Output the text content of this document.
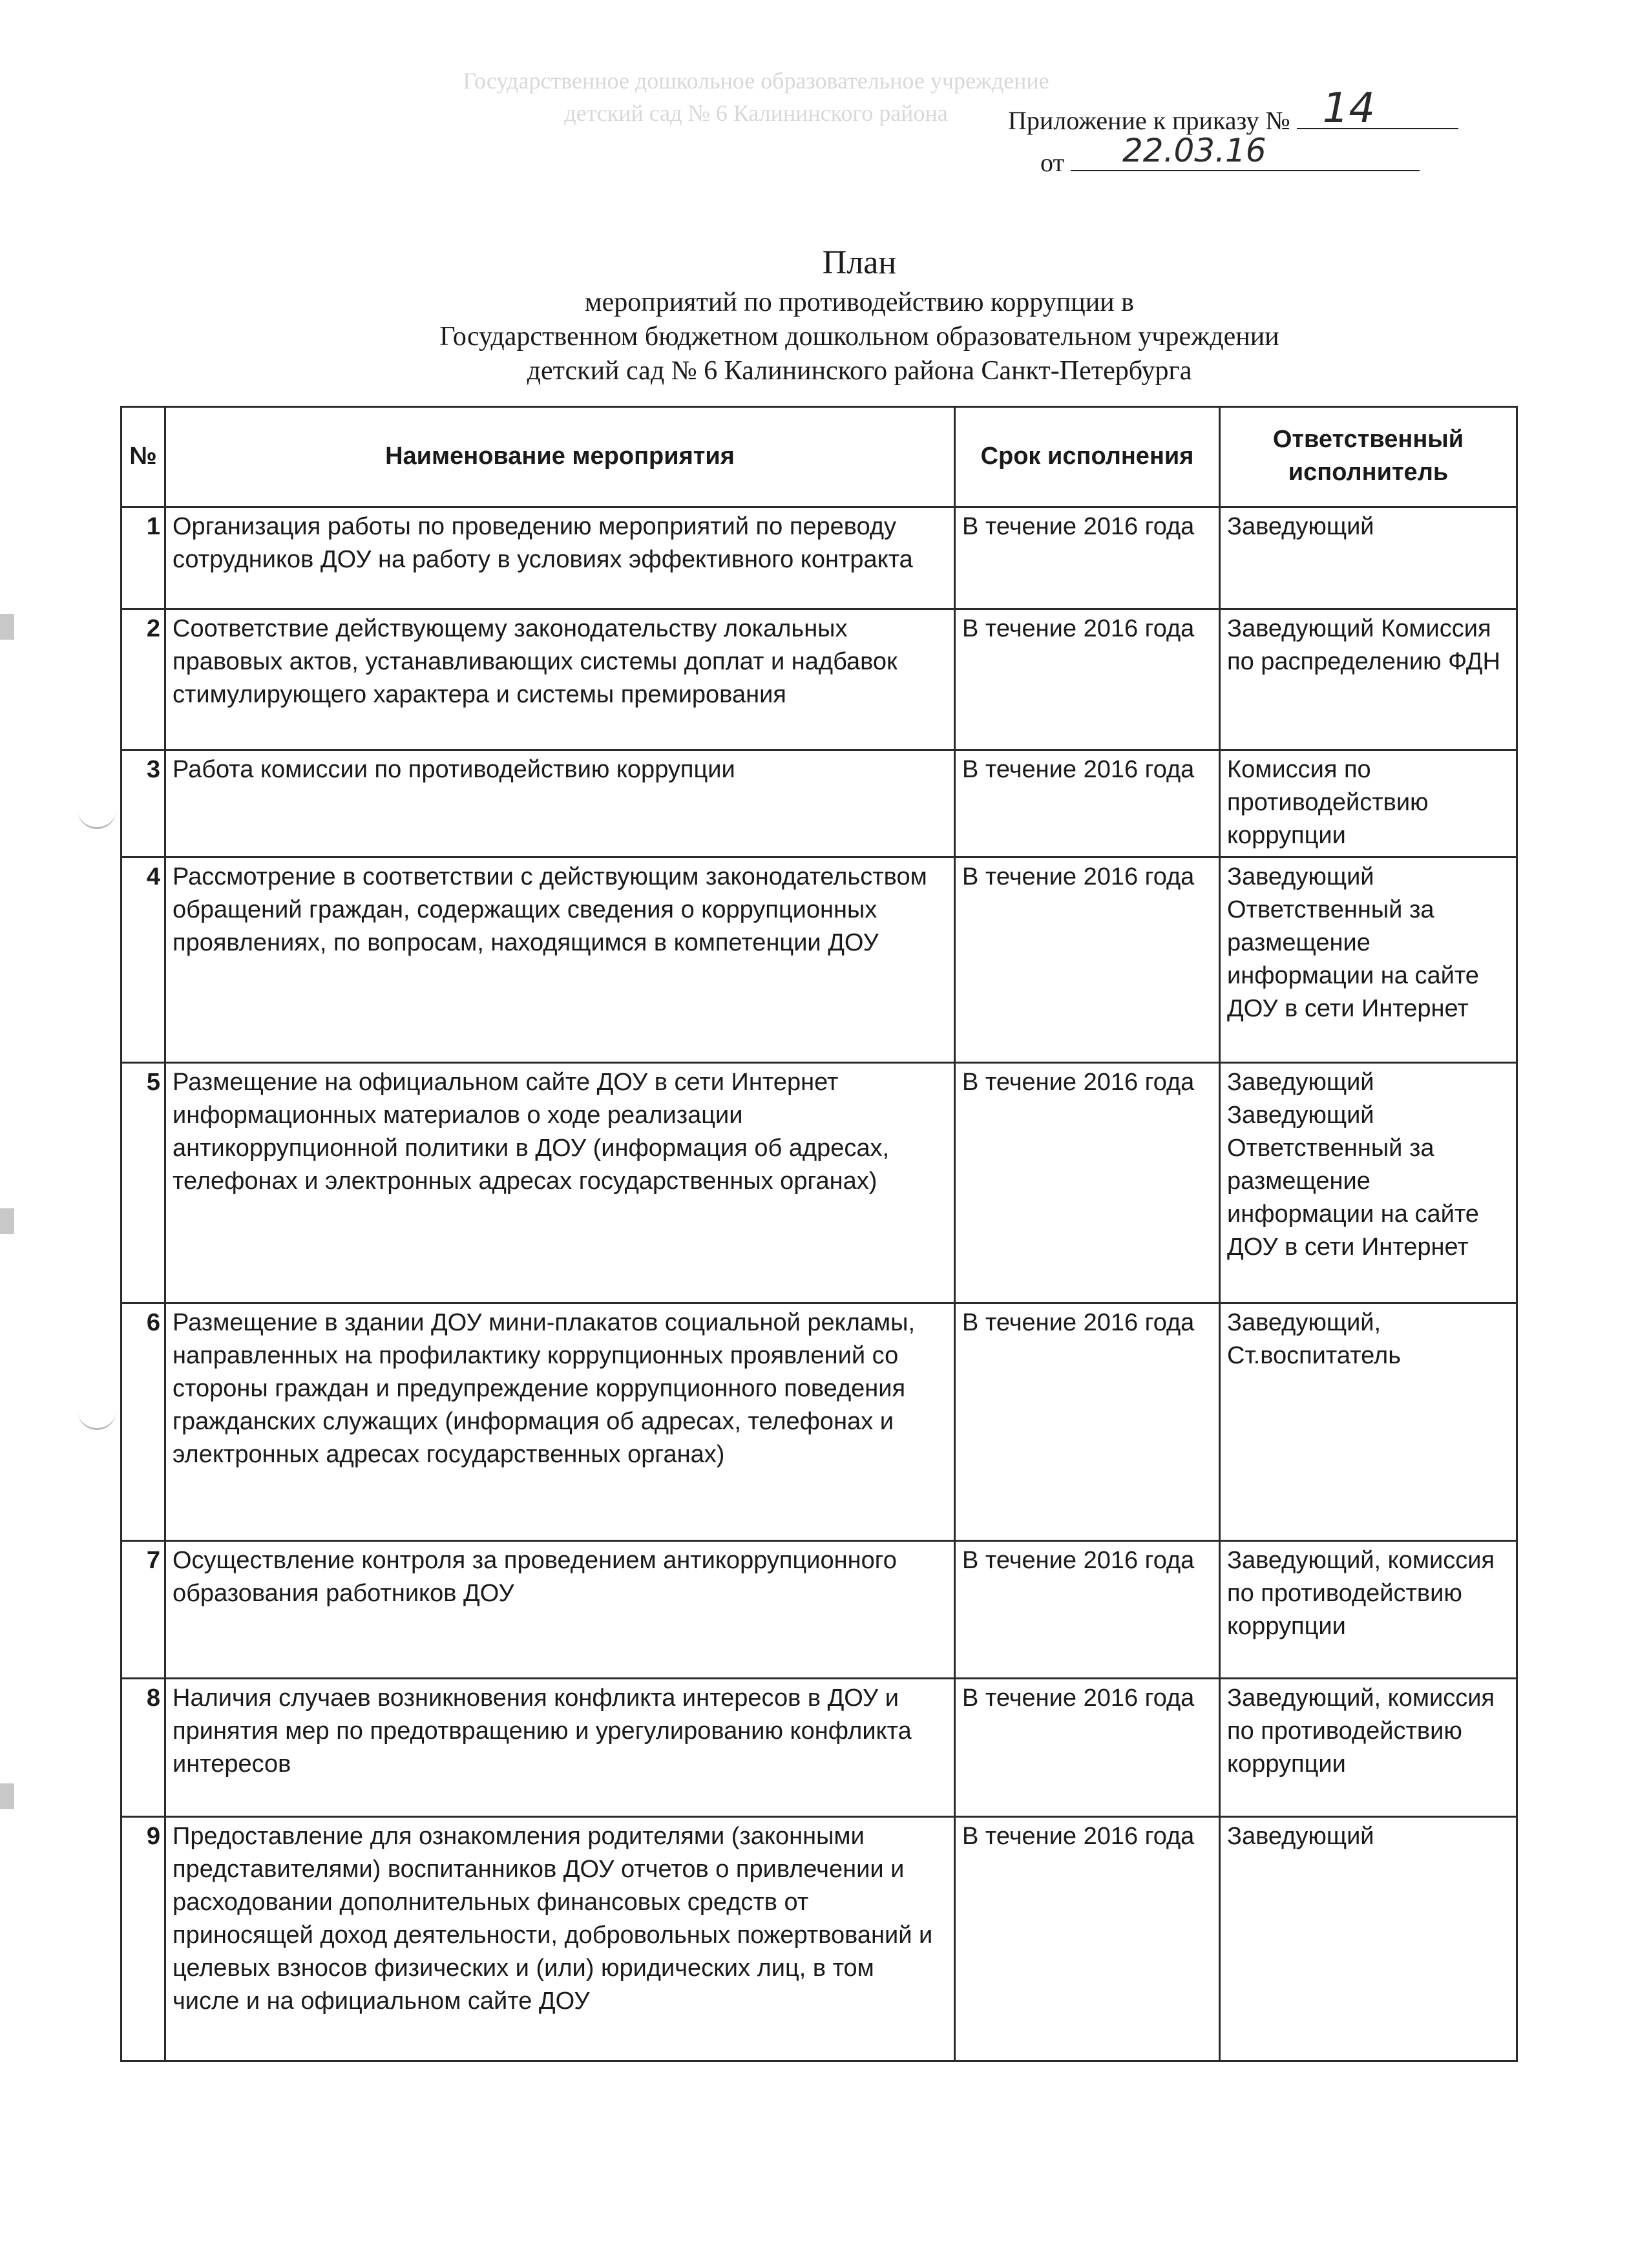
Государственное дошкольное образовательное учреждение
детский сад № 6 Калининского района	Приложение к приказу № 14
от 22.03.16
План
мероприятий по противодействию коррупции в
Государственном бюджетном дошкольном образовательном учреждении
детский сад № 6 Калининского района Санкт-Петербурга
№	Наименование мероприятия	Срок исполнения	Ответственный исполнитель
1	Организация работы по проведению мероприятий по переводу сотрудников ДОУ на работу в условиях эффективного контракта	В течение 2016 года	Заведующий
2	Соответствие действующему законодательству локальных правовых актов, устанавливающих системы доплат и надбавок стимулирующего характера и системы премирования	В течение 2016 года	Заведующий Комиссия по распределению ФДН
3	Работа комиссии по противодействию коррупции	В течение 2016 года	Комиссия по противодействию коррупции
4	Рассмотрение в соответствии с действующим законодательством обращений граждан, содержащих сведения о коррупционных проявлениях, по вопросам, находящимся в компетенции ДОУ	В течение 2016 года	Заведующий Ответственный за размещение информации на сайте ДОУ в сети Интернет
5	Размещение на официальном сайте ДОУ в сети Интернет информационных материалов о ходе реализации антикоррупционной политики в ДОУ (информация об адресах, телефонах и электронных адресах государственных органах)	В течение 2016 года	Заведующий Заведующий Ответственный за размещение информации на сайте ДОУ в сети Интернет
6	Размещение в здании ДОУ мини-плакатов социальной рекламы, направленных на профилактику коррупционных проявлений со стороны граждан и предупреждение коррупционного поведения гражданских служащих (информация об адресах, телефонах и электронных адресах государственных органах)	В течение 2016 года	Заведующий, Ст.воспитатель
7	Осуществление контроля за проведением антикоррупционного образования работников ДОУ	В течение 2016 года	Заведующий, комиссия по противодействию коррупции
8	Наличия случаев возникновения конфликта интересов в ДОУ и принятия мер по предотвращению и урегулированию конфликта интересов	В течение 2016 года	Заведующий, комиссия по противодействию коррупции
9	Предоставление для ознакомления родителями (законными представителями) воспитанников ДОУ отчетов о привлечении и расходовании дополнительных финансовых средств от приносящей доход деятельности, добровольных пожертвований и целевых взносов физических и (или) юридических лиц, в том числе и на официальном сайте ДОУ	В течение 2016 года	Заведующий
